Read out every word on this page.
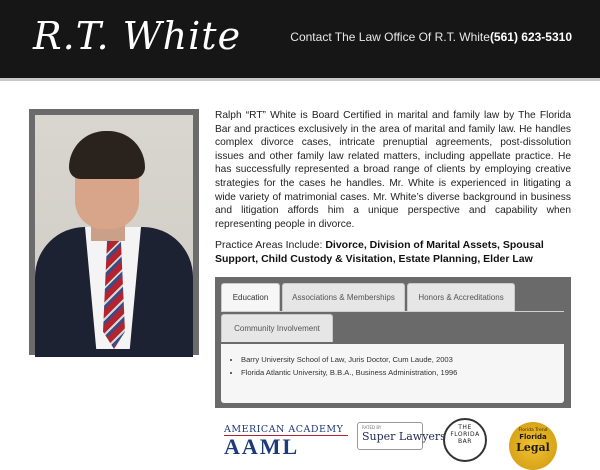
R.T. White	Contact The Law Office Of R.T. White(561) 623-5310
Ralph “RT” White is Board Certified in marital and family law by The Florida Bar and practices exclusively in the area of marital and family law. He handles complex divorce cases, intricate prenuptial agreements, post-dissolution issues and other family law related matters, including appellate practice. He has successfully represented a broad range of clients by employing creative strategies for the cases he handles. Mr. White is experienced in litigating a wide variety of matrimonial cases. Mr. White’s diverse background in business and litigation affords him a unique perspective and capability when representing people in divorce.
Practice Areas Include: Divorce, Division of Marital Assets, Spousal Support, Child Custody & Visitation, Estate Planning, Elder Law
Education	Associations & Memberships	Honors & Accreditations
Community Involvement
• Barry University School of Law, Juris Doctor, Cum Laude, 2003
• Florida Atlantic University, B.B.A., Business Administration, 1996
AMERICAN ACADEMY
AAML
RATED BY
Super Lawyers
THE FLORIDA BAR
Florida Trend
Florida
Legal
